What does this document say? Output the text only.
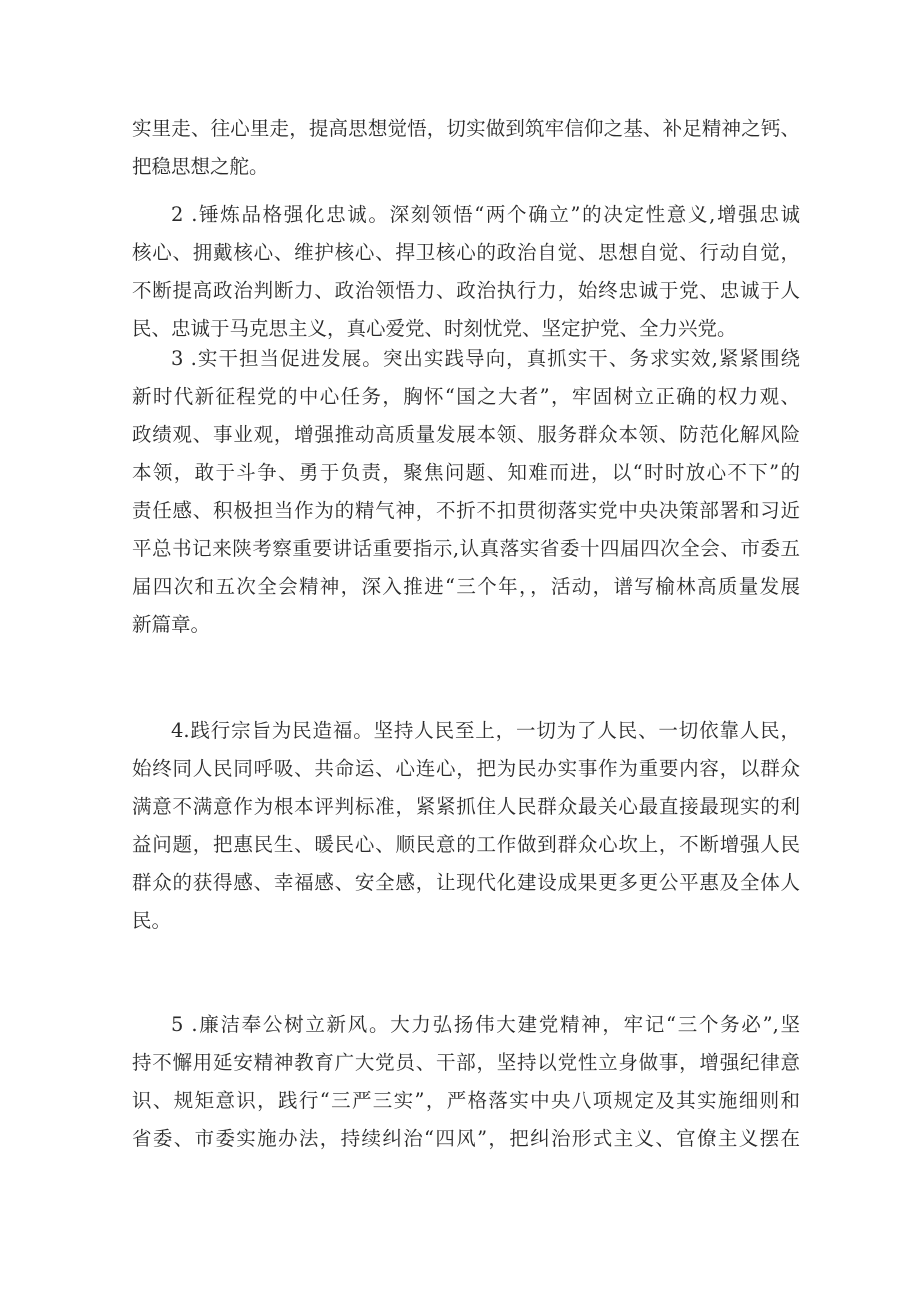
实里走、往心里走，提高思想觉悟，切实做到筑牢信仰之基、补足精神之钙、
把稳思想之舵。
2 .锤炼品格强化忠诚。深刻领悟“两个确立”的决定性意义,增强忠诚
核心、拥戴核心、维护核心、捍卫核心的政治自觉、思想自觉、行动自觉，
不断提高政治判断力、政治领悟力、政治执行力，始终忠诚于党、忠诚于人
民、忠诚于马克思主义，真心爱党、时刻忧党、坚定护党、全力兴党。
3 .实干担当促进发展。突出实践导向，真抓实干、务求实效,紧紧围绕
新时代新征程党的中心任务，胸怀“国之大者”，牢固树立正确的权力观、
政绩观、事业观，增强推动高质量发展本领、服务群众本领、防范化解风险
本领，敢于斗争、勇于负责，聚焦问题、知难而进，以“时时放心不下”的
责任感、积极担当作为的精气神，不折不扣贯彻落实党中央决策部署和习近
平总书记来陕考察重要讲话重要指示,认真落实省委十四届四次全会、市委五
届四次和五次全会精神，深入推进“三个年，，活动，谱写榆林高质量发展
新篇章。
4.践行宗旨为民造福。坚持人民至上，一切为了人民、一切依靠人民，
始终同人民同呼吸、共命运、心连心，把为民办实事作为重要内容，以群众
满意不满意作为根本评判标准，紧紧抓住人民群众最关心最直接最现实的利
益问题，把惠民生、暖民心、顺民意的工作做到群众心坎上，不断增强人民
群众的获得感、幸福感、安全感，让现代化建设成果更多更公平惠及全体人
民。
5 .廉洁奉公树立新风。大力弘扬伟大建党精神，牢记“三个务必”,坚
持不懈用延安精神教育广大党员、干部，坚持以党性立身做事，增强纪律意
识、规矩意识，践行“三严三实”，严格落实中央八项规定及其实施细则和
省委、市委实施办法，持续纠治“四风”，把纠治形式主义、官僚主义摆在
